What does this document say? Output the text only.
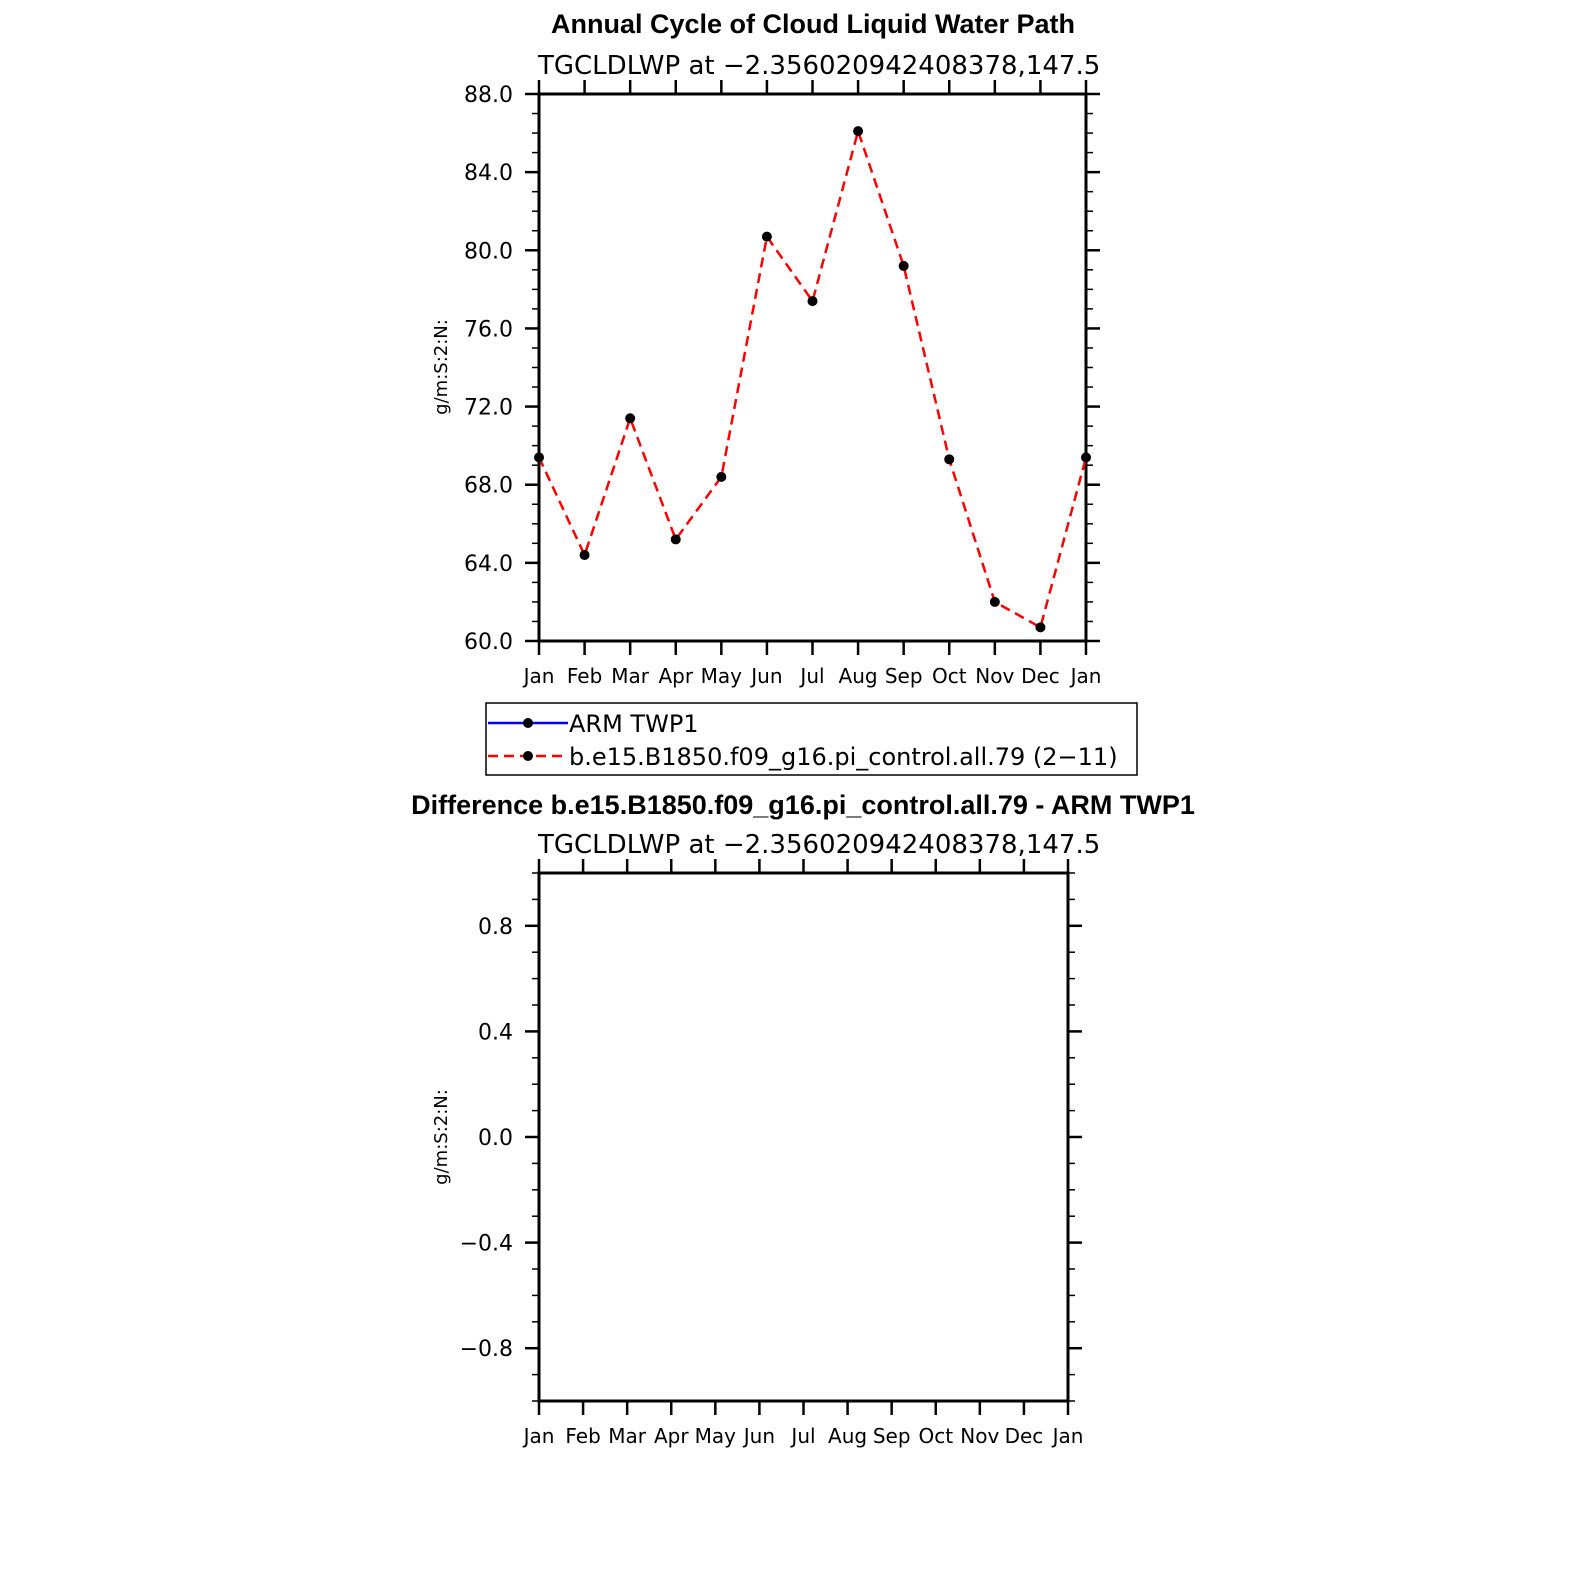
Annual Cycle of Cloud Liquid Water Path
TGCLDLWP at −2.356020942408378,147.5
g/m:S:2:N:
Jan Feb Mar Apr May Jun Jul Aug Sep Oct Nov Dec Jan
60.0
64.0
68.0
72.0
76.0
80.0
84.0
88.0
ARM TWP1
b.e15.B1850.f09_g16.pi_control.all.79 (2−11)
Difference b.e15.B1850.f09_g16.pi_control.all.79 - ARM TWP1
TGCLDLWP at −2.356020942408378,147.5
g/m:S:2:N:
Jan Feb Mar Apr May Jun Jul Aug Sep Oct Nov Dec Jan
−0.8
−0.4
0.0
0.4
0.8
